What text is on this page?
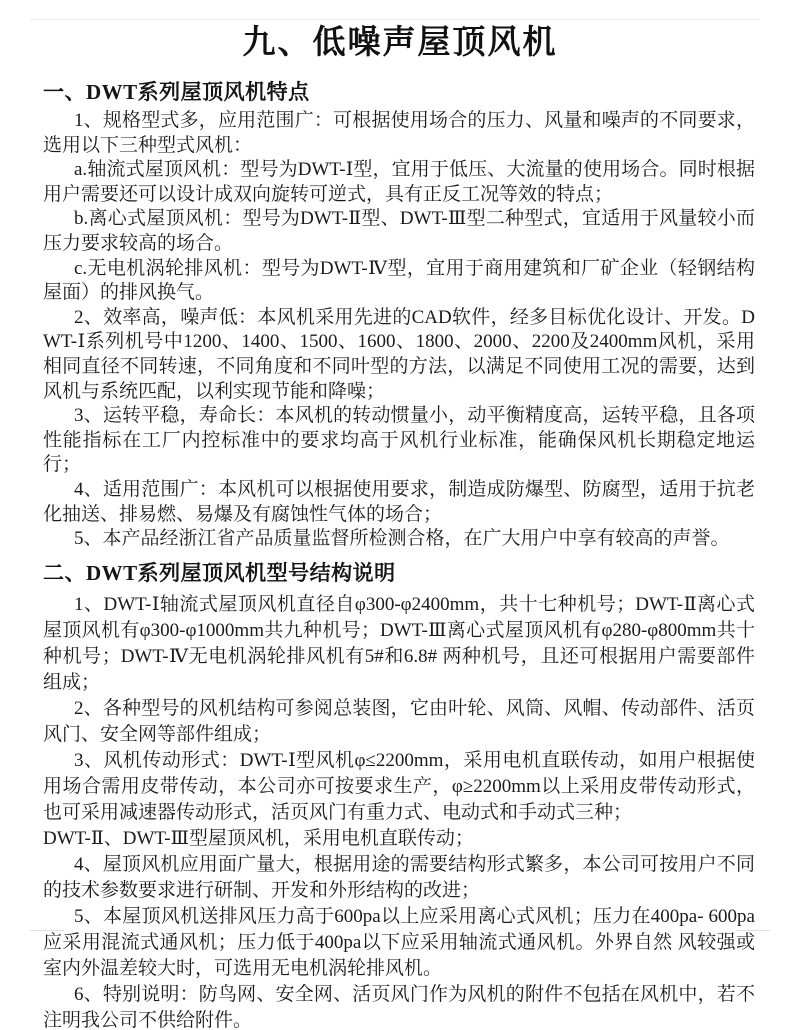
九、低噪声屋顶风机
一、DWT系列屋顶风机特点

1、规格型式多，应用范围广：可根据使用场合的压力、风量和噪声的不同要求，选用以下三种型式风机：

a.轴流式屋顶风机：型号为DWT-Ⅰ型，宜用于低压、大流量的使用场合。同时根据用户需要还可以设计成双向旋转可逆式，具有正反工况等效的特点；

b.离心式屋顶风机：型号为DWT-Ⅱ型、DWT-Ⅲ型二种型式，宜适用于风量较小而压力要求较高的场合。

c.无电机涡轮排风机：型号为DWT-Ⅳ型，宜用于商用建筑和厂矿企业（轻钢结构屋面）的排风换气。

2、效率高，噪声低：本风机采用先进的CAD软件，经多目标优化设计、开发。DWT-Ⅰ系列机号中1200、1400、1500、1600、1800、2000、2200及2400mm风机，采用相同直径不同转速，不同角度和不同叶型的方法，以满足不同使用工况的需要，达到风机与系统匹配，以利实现节能和降噪；

3、运转平稳，寿命长：本风机的转动惯量小，动平衡精度高，运转平稳，且各项性能指标在工厂内控标准中的要求均高于风机行业标准，能确保风机长期稳定地运行；

4、适用范围广：本风机可以根据使用要求，制造成防爆型、防腐型，适用于抗老化抽送、排易燃、易爆及有腐蚀性气体的场合；

5、本产品经浙江省产品质量监督所检测合格，在广大用户中享有较高的声誉。

二、DWT系列屋顶风机型号结构说明

1、DWT-Ⅰ轴流式屋顶风机直径自φ300-φ2400mm，共十七种机号；DWT-Ⅱ离心式屋顶风机有φ300-φ1000mm共九种机号；DWT-Ⅲ离心式屋顶风机有φ280-φ800mm共十种机号；DWT-Ⅳ无电机涡轮排风机有5#和6.8# 两种机号，且还可根据用户需要部件组成；

2、各种型号的风机结构可参阅总装图，它由叶轮、风筒、风帽、传动部件、活页风门、安全网等部件组成；

3、风机传动形式：DWT-Ⅰ型风机φ≤2200mm，采用电机直联传动，如用户根据使用场合需用皮带传动，本公司亦可按要求生产，φ≥2200mm以上采用皮带传动形式，也可采用减速器传动形式，活页风门有重力式、电动式和手动式三种；

DWT-Ⅱ、DWT-Ⅲ型屋顶风机，采用电机直联传动；

4、屋顶风机应用面广量大，根据用途的需要结构形式繁多，本公司可按用户不同的技术参数要求进行研制、开发和外形结构的改进；

5、本屋顶风机送排风压力高于600pa以上应采用离心式风机；压力在400pa- 600pa应采用混流式通风机；压力低于400pa以下应采用轴流式通风机。外界自然 风较强或室内外温差较大时，可选用无电机涡轮排风机。

6、特别说明：防鸟网、安全网、活页风门作为风机的附件不包括在风机中，若不注明我公司不供给附件。
